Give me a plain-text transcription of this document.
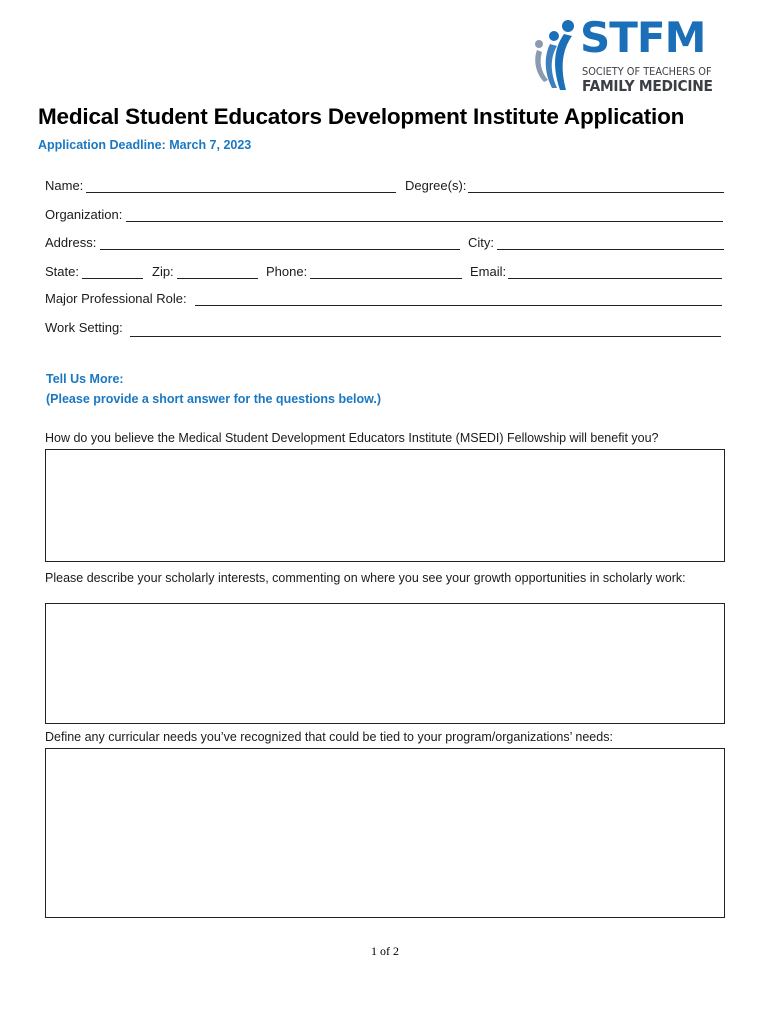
STFM
SOCIETY OF TEACHERS OF
FAMILY MEDICINE
Medical Student Educators Development Institute Application
Application Deadline: March 7, 2023
Name:	Degree(s):
Organization:
Address:	City:
State:	Zip:	Phone:	Email:
Major Professional Role:
Work Setting:
Tell Us More:
(Please provide a short answer for the questions below.)
How do you believe the Medical Student Development Educators Institute (MSEDI) Fellowship will benefit you?
Please describe your scholarly interests, commenting on where you see your growth opportunities in scholarly work:
Define any curricular needs you’ve recognized that could be tied to your program/organizations’ needs:
1 of 2
